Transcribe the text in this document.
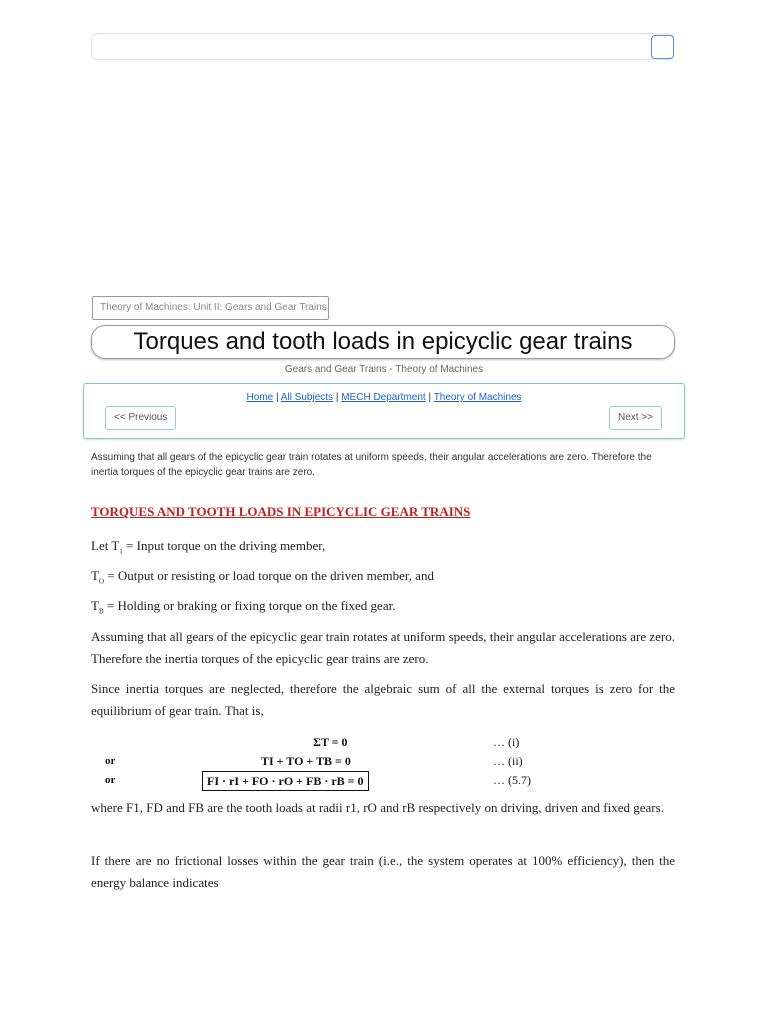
Theory of Machines: Unit II: Gears and Gear Trains
Torques and tooth loads in epicyclic gear trains
Gears and Gear Trains - Theory of Machines
Home | All Subjects | MECH Department | Theory of Machines
<< Previous	Next >>
Assuming that all gears of the epicyclic gear train rotates at uniform speeds, their angular accelerations are zero. Therefore the inertia torques of the epicyclic gear trains are zero.
TORQUES AND TOOTH LOADS IN EPICYCLIC GEAR TRAINS
Let $T_1$ = Input torque on the driving member,
$T_O$ = Output or resisting or load torque on the driven member, and
$T_B$ = Holding or braking or fixing torque on the fixed gear.
Assuming that all gears of the epicyclic gear train rotates at uniform speeds, their angular accelerations are zero. Therefore the inertia torques of the epicyclic gear trains are zero.
Since inertia torques are neglected, therefore the algebraic sum of all the external torques is zero for the equilibrium of gear train. That is,
ΣT = 0	… (i)
or	TI + TO + TB = 0	… (ii)
or	FI · rI + FO · rO + FB · rB = 0	… (5.7)
where F1, FD and FB are the tooth loads at radii r1, rO and rB respectively on driving, driven and fixed gears.
If there are no frictional losses within the gear train (i.e., the system operates at 100% efficiency), then the energy balance indicates
